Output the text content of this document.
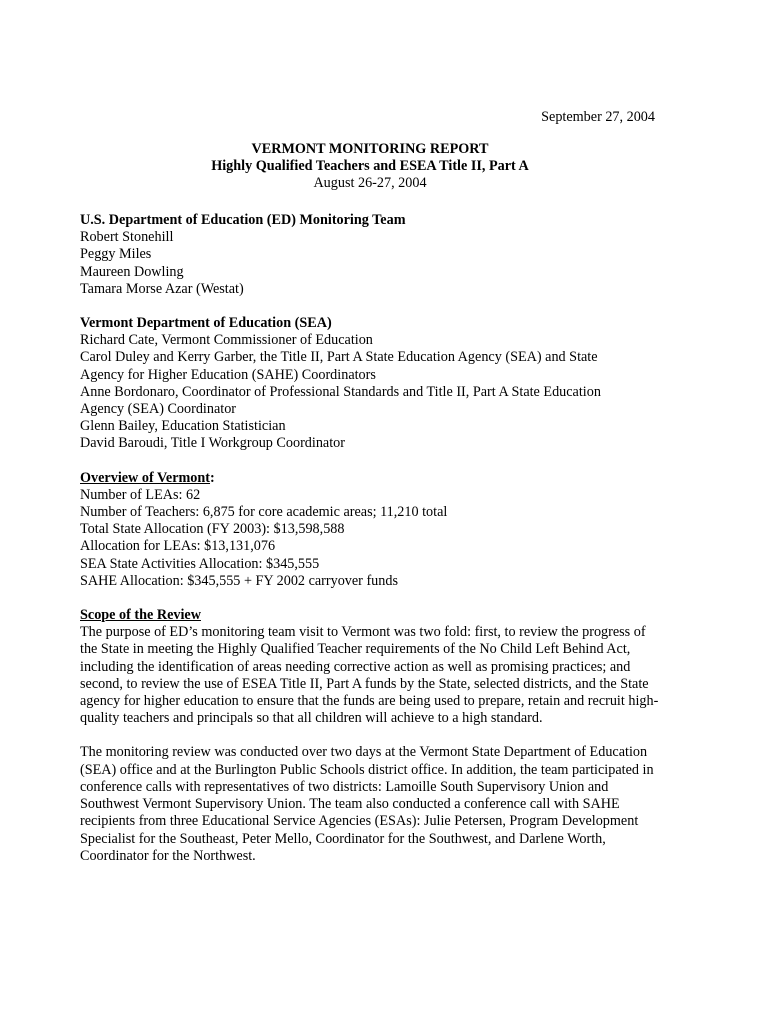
September 27, 2004
VERMONT MONITORING REPORT
Highly Qualified Teachers and ESEA Title II, Part A
August 26-27, 2004
U.S. Department of Education (ED) Monitoring Team
Robert Stonehill
Peggy Miles
Maureen Dowling
Tamara Morse Azar (Westat)
Vermont Department of Education (SEA)
Richard Cate, Vermont Commissioner of Education
Carol Duley and Kerry Garber, the Title II, Part A State Education Agency (SEA) and State
Agency for Higher Education (SAHE) Coordinators
Anne Bordonaro, Coordinator of Professional Standards and Title II, Part A State Education
Agency (SEA) Coordinator
Glenn Bailey, Education Statistician
David Baroudi, Title I Workgroup Coordinator
Overview of Vermont:
Number of LEAs: 62
Number of Teachers: 6,875 for core academic areas; 11,210 total
Total State Allocation (FY 2003): $13,598,588
Allocation for LEAs: $13,131,076
SEA State Activities Allocation: $345,555
SAHE Allocation: $345,555 + FY 2002 carryover funds
Scope of the Review

The purpose of ED’s monitoring team visit to Vermont was two fold: first, to review the progress of the State in meeting the Highly Qualified Teacher requirements of the No Child Left Behind Act, including the identification of areas needing corrective action as well as promising practices; and second, to review the use of ESEA Title II, Part A funds by the State, selected districts, and the State agency for higher education to ensure that the funds are being used to prepare, retain and recruit high-quality teachers and principals so that all children will achieve to a high standard.

The monitoring review was conducted over two days at the Vermont State Department of Education (SEA) office and at the Burlington Public Schools district office. In addition, the team participated in conference calls with representatives of two districts: Lamoille South Supervisory Union and Southwest Vermont Supervisory Union. The team also conducted a conference call with SAHE recipients from three Educational Service Agencies (ESAs): Julie Petersen, Program Development Specialist for the Southeast, Peter Mello, Coordinator for the Southwest, and Darlene Worth, Coordinator for the Northwest.
